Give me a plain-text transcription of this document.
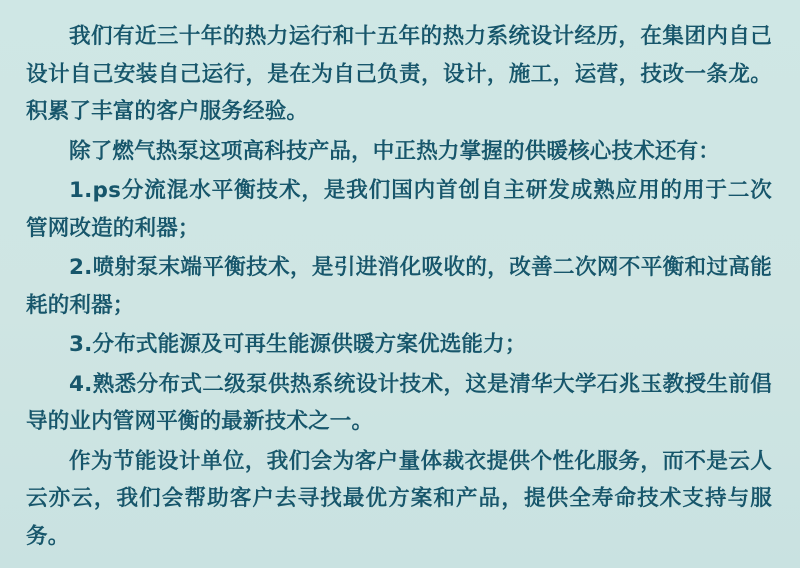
我们有近三十年的热力运行和十五年的热力系统设计经历，在集团内自己设计自己安装自己运行，是在为自己负责，设计，施工，运营，技改一条龙。积累了丰富的客户服务经验。

除了燃气热泵这项高科技产品，中正热力掌握的供暖核心技术还有：

1.ps分流混水平衡技术，是我们国内首创自主研发成熟应用的用于二次管网改造的利器；

2.喷射泵末端平衡技术，是引进消化吸收的，改善二次网不平衡和过高能耗的利器；

3.分布式能源及可再生能源供暖方案优选能力；

4.熟悉分布式二级泵供热系统设计技术，这是清华大学石兆玉教授生前倡导的业内管网平衡的最新技术之一。

作为节能设计单位，我们会为客户量体裁衣提供个性化服务，而不是云人云亦云，我们会帮助客户去寻找最优方案和产品，提供全寿命技术支持与服务。
